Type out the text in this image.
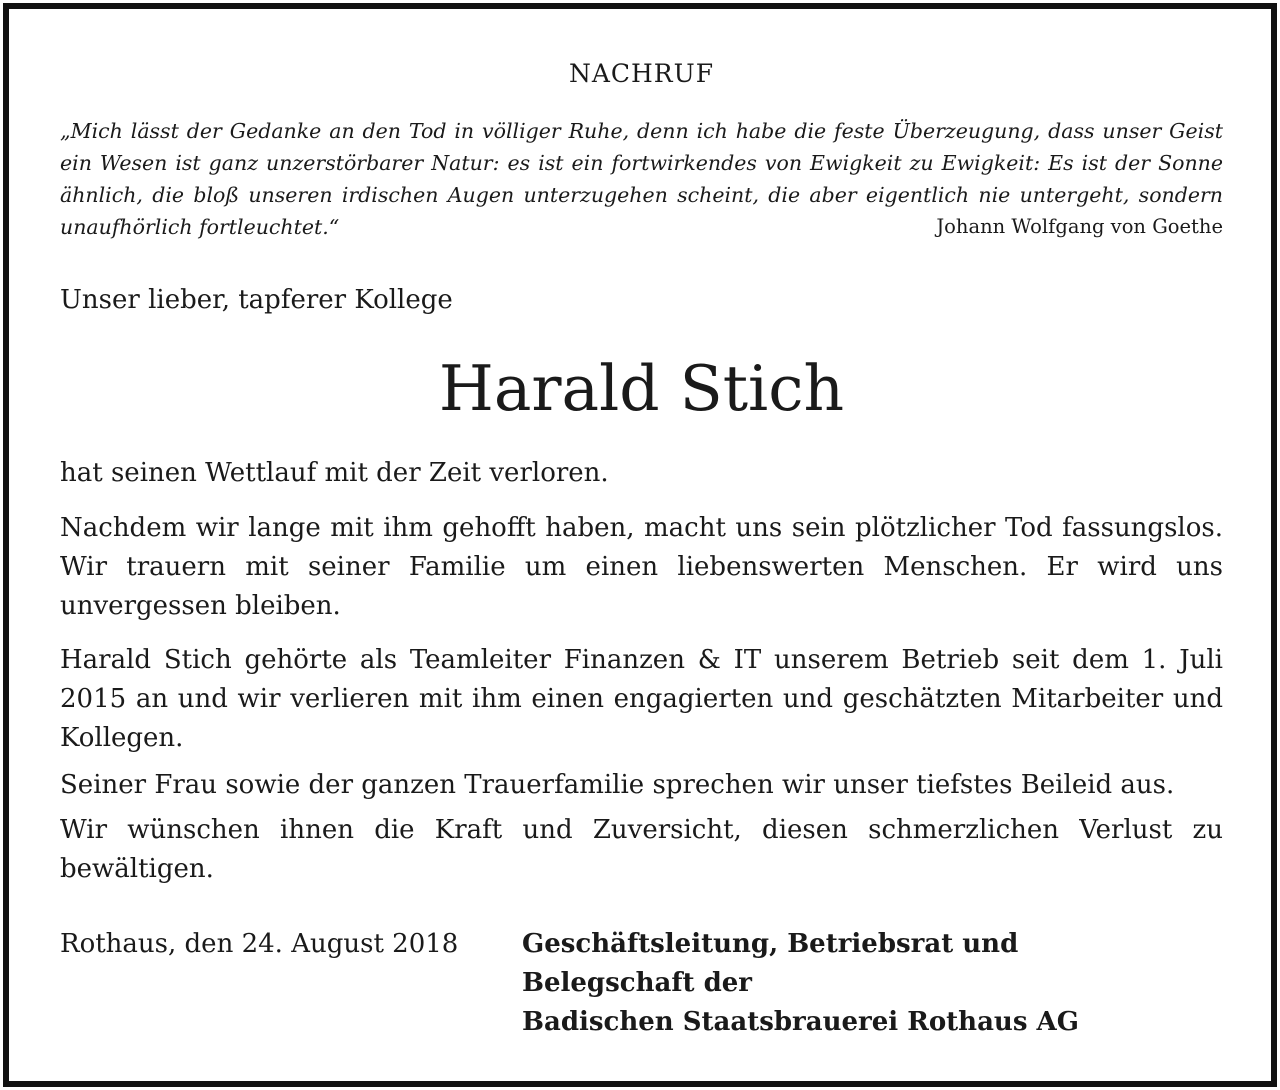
NACHRUF
„Mich lässt der Gedanke an den Tod in völliger Ruhe, denn ich habe die feste Überzeugung, dass unser Geist ein Wesen ist ganz unzerstörbarer Natur: es ist ein fortwirkendes von Ewigkeit zu Ewigkeit: Es ist der Sonne ähnlich, die bloß unseren irdischen Augen unterzugehen scheint, die aber eigentlich nie untergeht, sondern unaufhörlich fortleuchtet.“	Johann Wolfgang von Goethe
Unser lieber, tapferer Kollege
Harald Stich
hat seinen Wettlauf mit der Zeit verloren.
Nachdem wir lange mit ihm gehofft haben, macht uns sein plötzlicher Tod fassungslos. Wir trauern mit seiner Familie um einen liebenswerten Menschen. Er wird uns unvergessen bleiben.
Harald Stich gehörte als Teamleiter Finanzen & IT unserem Betrieb seit dem 1. Juli 2015 an und wir verlieren mit ihm einen engagierten und geschätzten Mitarbeiter und Kollegen.
Seiner Frau sowie der ganzen Trauerfamilie sprechen wir unser tiefstes Beileid aus.
Wir wünschen ihnen die Kraft und Zuversicht, diesen schmerzlichen Verlust zu bewältigen.
Rothaus, den 24. August 2018 Geschäftsleitung, Betriebsrat und
Belegschaft der
Badischen Staatsbrauerei Rothaus AG
